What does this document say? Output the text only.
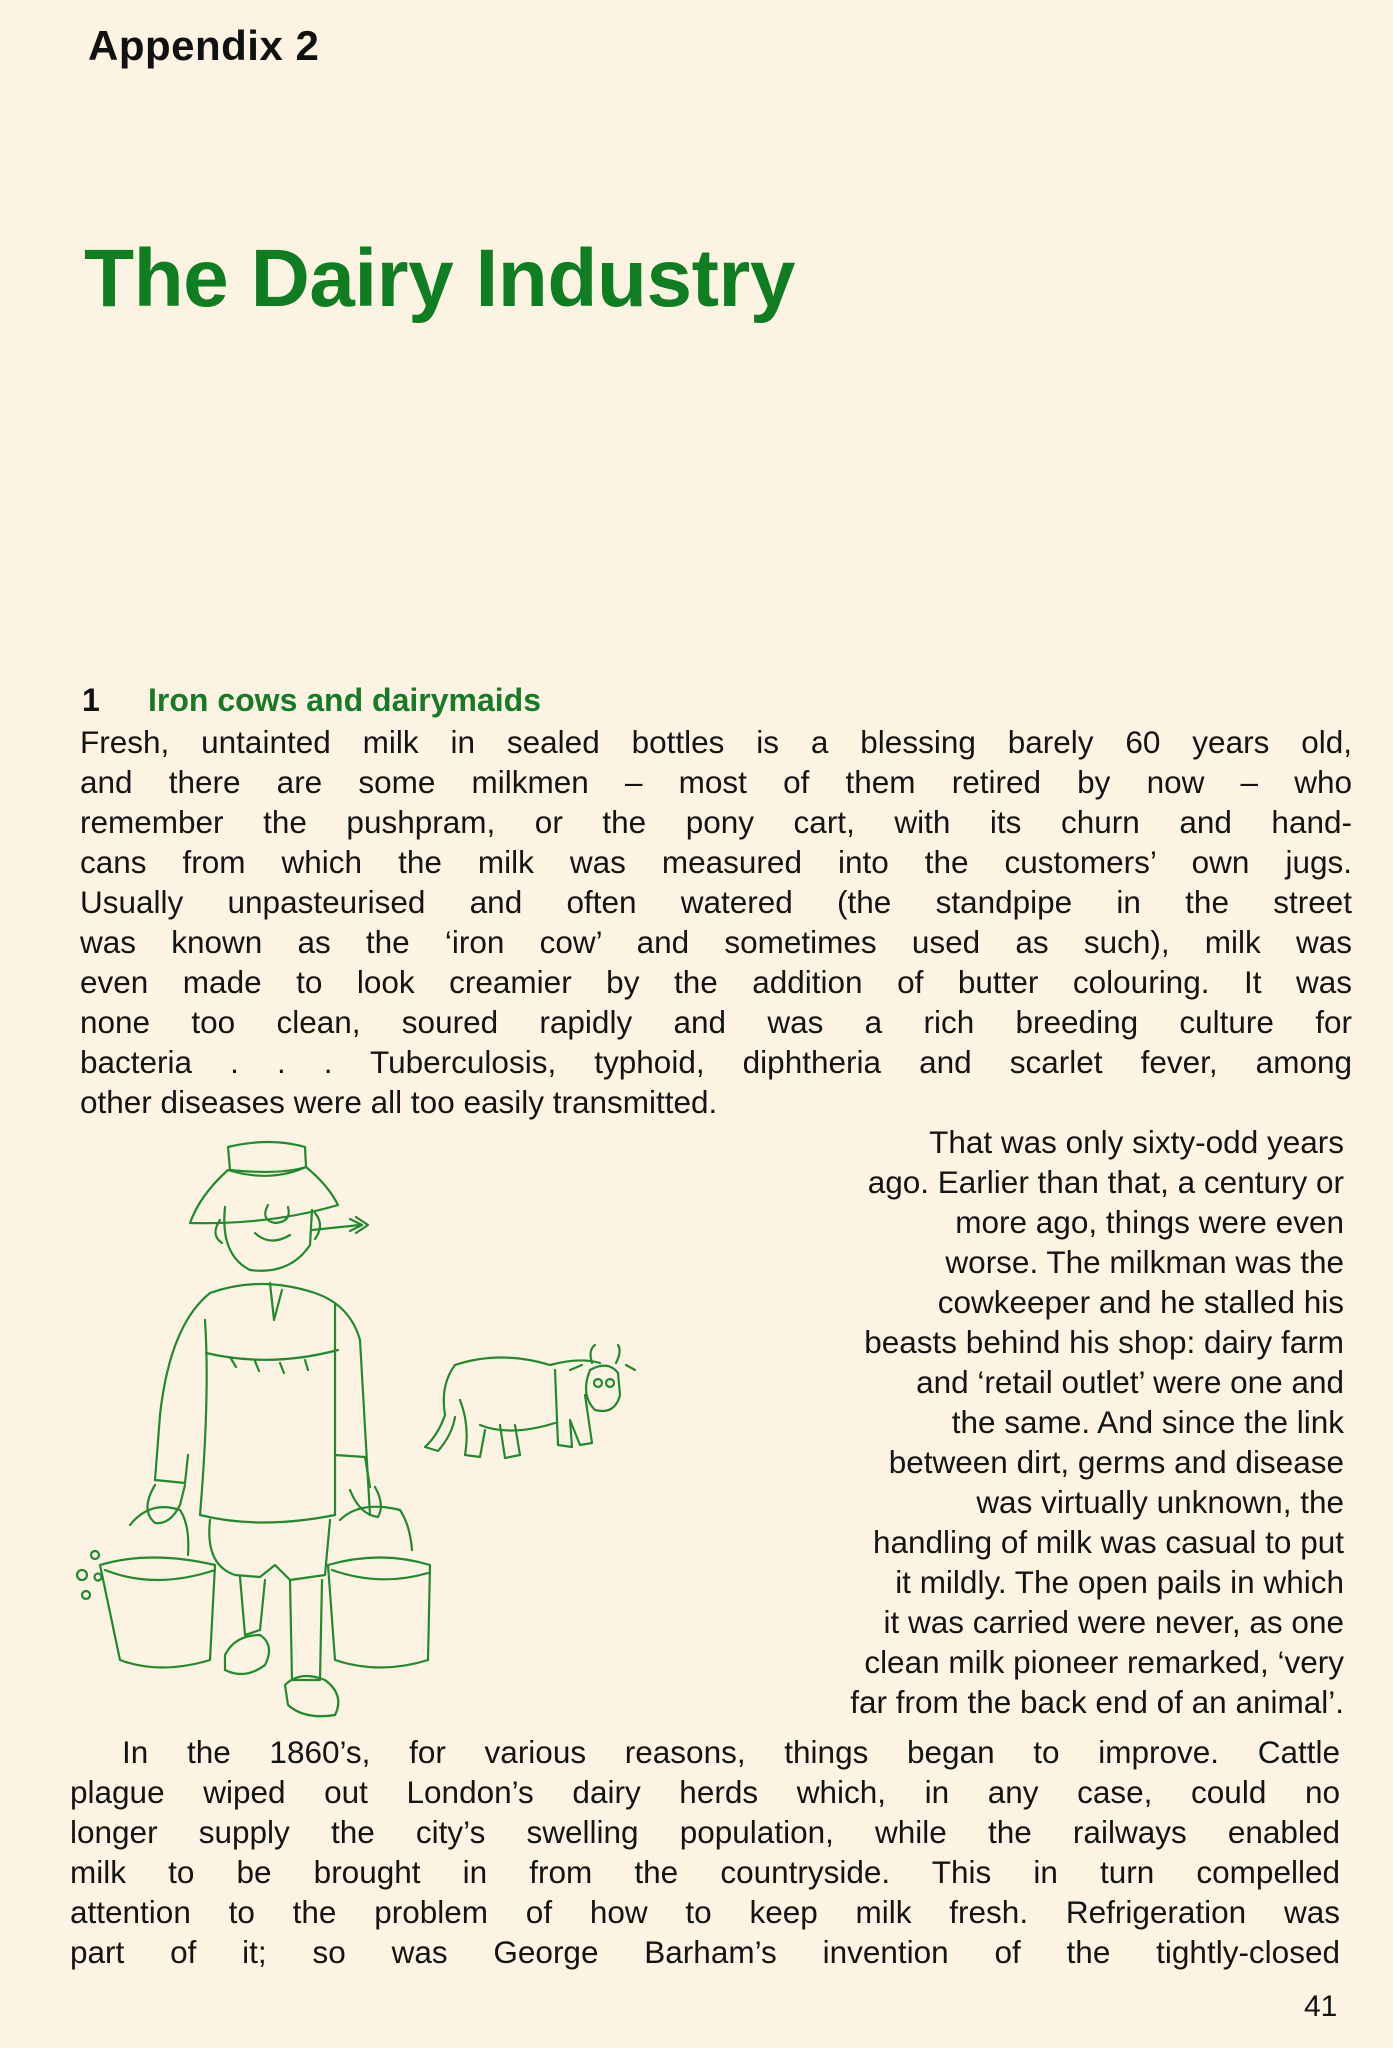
Appendix 2
The Dairy Industry
1 Iron cows and dairymaids
Fresh, untainted milk in sealed bottles is a blessing barely 60 years old,
and there are some milkmen – most of them retired by now – who
remember the pushpram, or the pony cart, with its churn and hand-
cans from which the milk was measured into the customers’ own jugs.
Usually unpasteurised and often watered (the standpipe in the street
was known as the ‘iron cow’ and sometimes used as such), milk was
even made to look creamier by the addition of butter colouring. It was
none too clean, soured rapidly and was a rich breeding culture for
bacteria . . . Tuberculosis, typhoid, diphtheria and scarlet fever, among
other diseases were all too easily transmitted.
That was only sixty-odd years
ago. Earlier than that, a century or
more ago, things were even
worse. The milkman was the
cowkeeper and he stalled his
beasts behind his shop: dairy farm
and ‘retail outlet’ were one and
the same. And since the link
between dirt, germs and disease
was virtually unknown, the
handling of milk was casual to put
it mildly. The open pails in which
it was carried were never, as one
clean milk pioneer remarked, ‘very
far from the back end of an animal’.
In the 1860’s, for various reasons, things began to improve. Cattle
plague wiped out London’s dairy herds which, in any case, could no
longer supply the city’s swelling population, while the railways enabled
milk to be brought in from the countryside. This in turn compelled
attention to the problem of how to keep milk fresh. Refrigeration was
part of it; so was George Barham’s invention of the tightly-closed
41
